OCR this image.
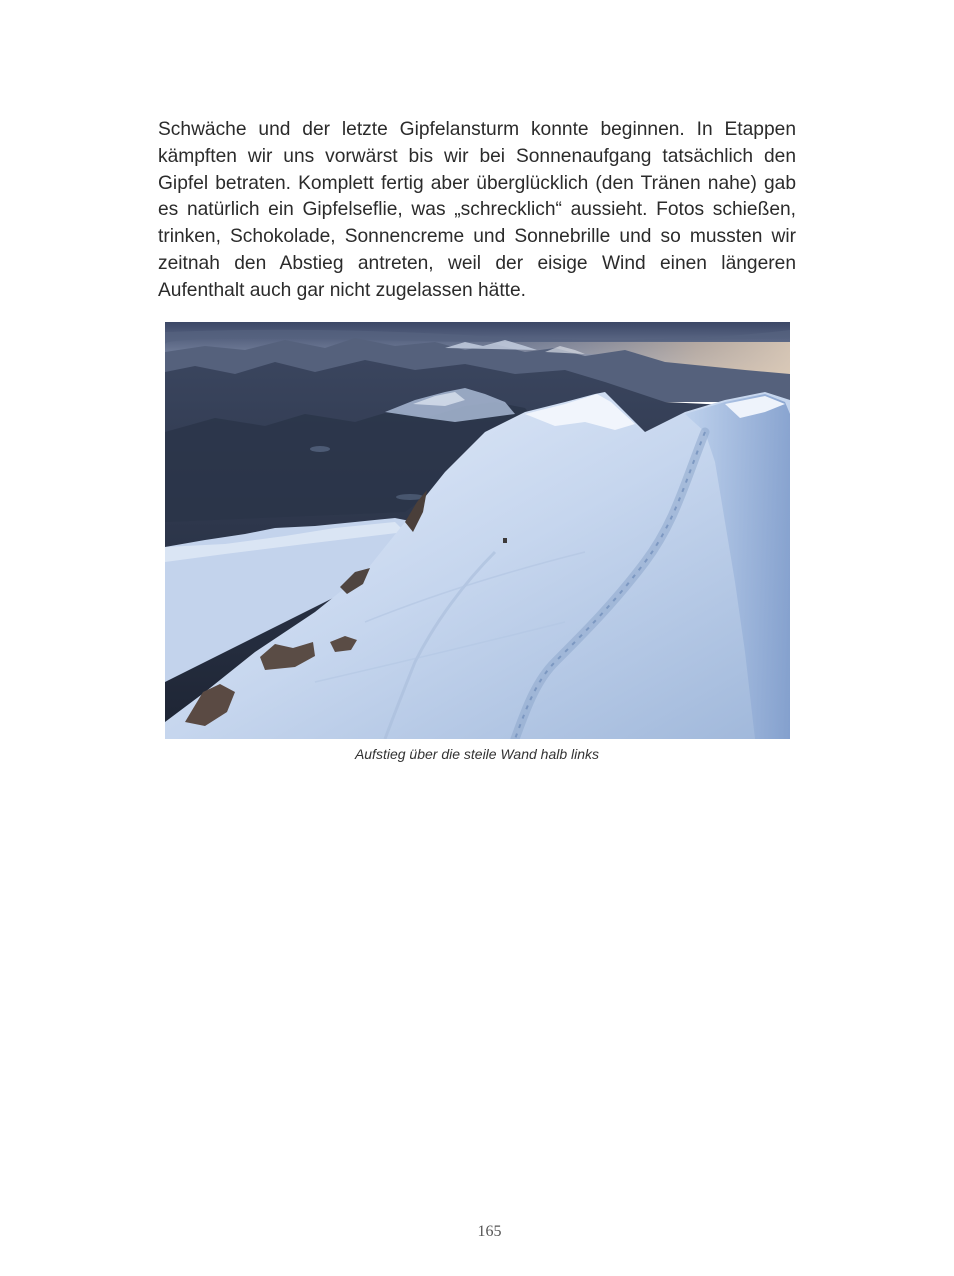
Schwäche und der letzte Gipfelansturm konnte beginnen. In Etappen kämpften wir uns vorwärst bis wir bei Sonnenaufgang tatsächlich den Gipfel betraten. Komplett fertig aber überglücklich (den Tränen nahe) gab es natürlich ein Gipfelseflie, was „schrecklich“ aussieht. Fotos schießen, trinken, Schokolade, Sonnencreme und Sonnebrille und so mussten wir zeitnah den Abstieg antreten, weil der eisige Wind einen längeren Aufenthalt auch gar nicht zugelassen hätte.

Aufstieg über die steile Wand halb links
165
